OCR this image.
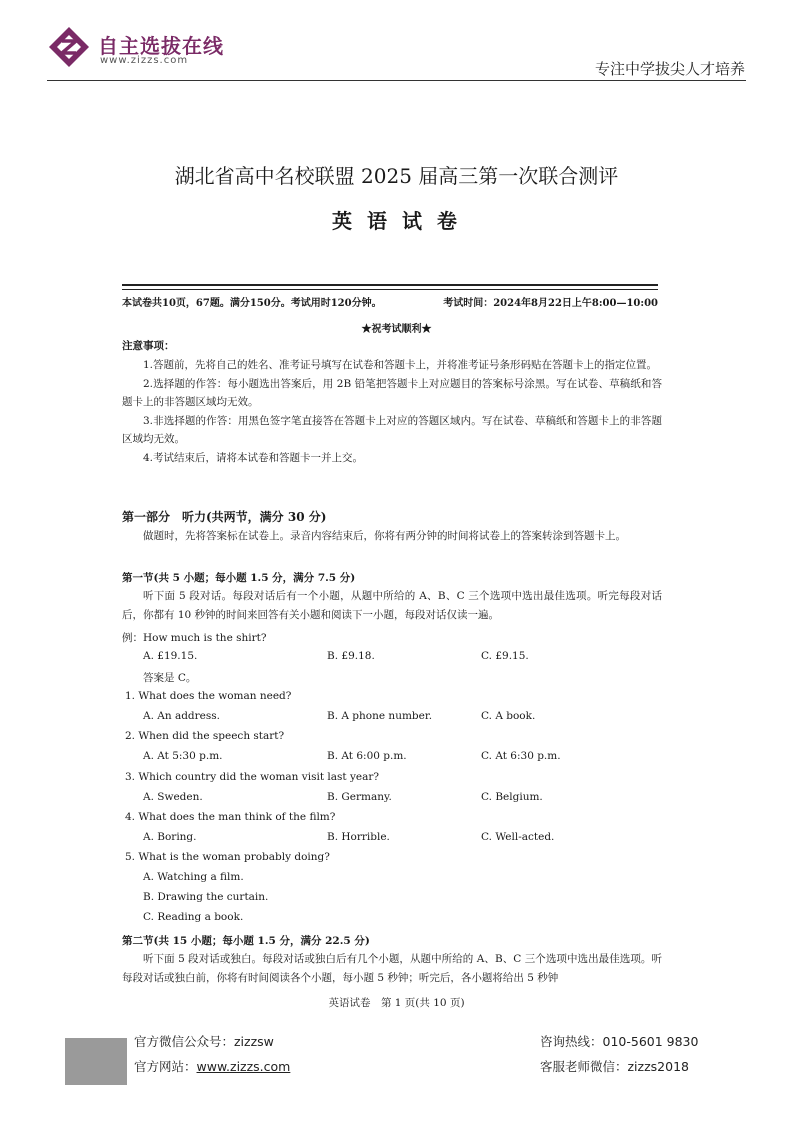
自主选拔在线
www.zizzs.com	专注中学拔尖人才培养
湖北省高中名校联盟 2025 届高三第一次联合测评
英 语 试 卷
本试卷共10页，67题。满分150分。考试用时120分钟。	考试时间：2024年8月22日上午8:00—10:00
★祝考试顺利★
注意事项：

1.答题前，先将自己的姓名、准考证号填写在试卷和答题卡上，并将准考证号条形码贴在答题卡上的指定位置。

2.选择题的作答：每小题选出答案后，用 2B 铅笔把答题卡上对应题目的答案标号涂黑。写在试卷、草稿纸和答题卡上的非答题区域均无效。

3.非选择题的作答：用黑色签字笔直接答在答题卡上对应的答题区域内。写在试卷、草稿纸和答题卡上的非答题区域均无效。

4.考试结束后，请将本试卷和答题卡一并上交。

第一部分　听力(共两节，满分 30 分)

做题时，先将答案标在试卷上。录音内容结束后，你将有两分钟的时间将试卷上的答案转涂到答题卡上。

第一节(共 5 小题；每小题 1.5 分，满分 7.5 分)

听下面 5 段对话。每段对话后有一个小题，从题中所给的 A、B、C 三个选项中选出最佳选项。听完每段对话后，你都有 10 秒钟的时间来回答有关小题和阅读下一小题，每段对话仅读一遍。

例：How much is the shirt?
A. £19.15.	B. £9.18.	C. £9.15.
答案是 C。
1. What does the woman need?
A. An address.	B. A phone number.	C. A book.
2. When did the speech start?
A. At 5:30 p.m.	B. At 6:00 p.m.	C. At 6:30 p.m.
3. Which country did the woman visit last year?
A. Sweden.	B. Germany.	C. Belgium.
4. What does the man think of the film?
A. Boring.	B. Horrible.	C. Well-acted.
5. What is the woman probably doing?
A. Watching a film.
B. Drawing the curtain.
C. Reading a book.
第二节(共 15 小题；每小题 1.5 分，满分 22.5 分)

听下面 5 段对话或独白。每段对话或独白后有几个小题，从题中所给的 A、B、C 三个选项中选出最佳选项。听每段对话或独白前，你将有时间阅读各个小题，每小题 5 秒钟；听完后，各小题将给出 5 秒钟

英语试卷　第 1 页(共 10 页)
官方微信公众号：zizzsw
官方网站：www.zizzs.com
咨询热线：010-5601 9830
客服老师微信：zizzs2018
